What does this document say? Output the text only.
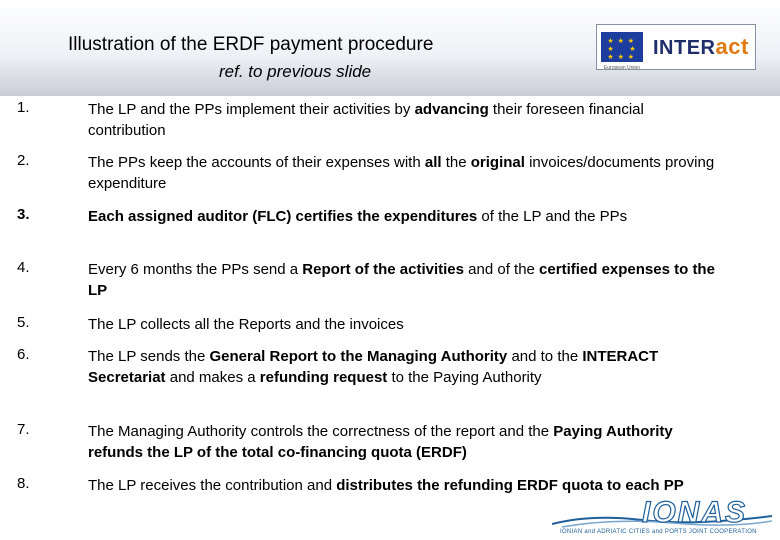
Illustration of the ERDF payment procedure

ref. to previous slide

★ ★ ★
★     ★
★ ★ ★
European Union
INTERact
1.	The LP and the PPs implement their activities by advancing their foreseen financial contribution
2.	The PPs keep the accounts of their expenses with all the original invoices/documents proving expenditure
3.	Each assigned auditor (FLC) certifies the expenditures of the LP and the PPs
4.	Every 6 months the PPs send a Report of the activities and of the certified expenses to the LP
5.	The LP collects all the Reports and the invoices
6.	The LP sends the General Report to the Managing Authority and to the INTERACT Secretariat and makes a refunding request to the Paying Authority
7.	The Managing Authority controls the correctness of the report and the Paying Authority refunds the LP of the total co-financing quota (ERDF)
8.	The LP receives the contribution and distributes the refunding ERDF quota to each PP
IONAS
IONIAN and ADRIATIC CITIES and PORTS JOINT COOPERATION
